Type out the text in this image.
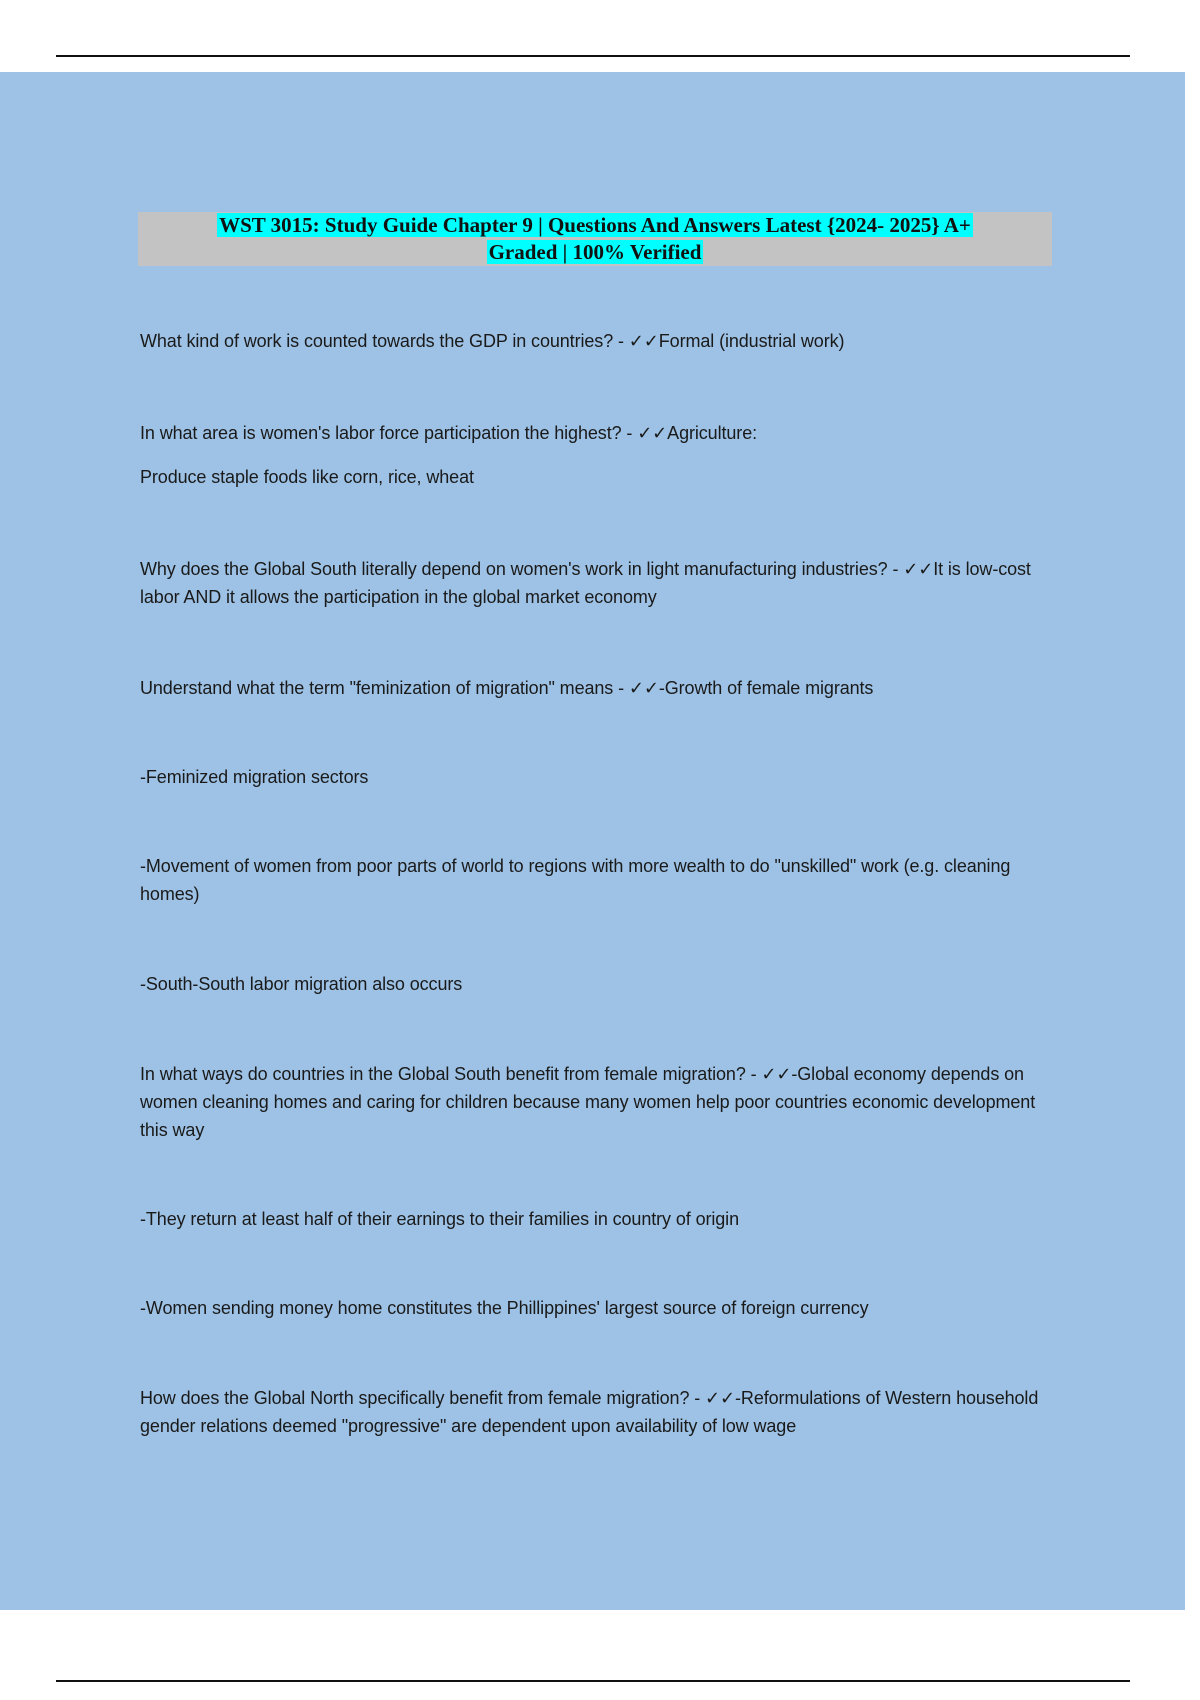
WST 3015: Study Guide Chapter 9 | Questions And Answers Latest {2024- 2025} A+
Graded | 100% Verified
What kind of work is counted towards the GDP in countries? - ✓✓Formal (industrial work)
In what area is women's labor force participation the highest? - ✓✓Agriculture:
Produce staple foods like corn, rice, wheat
Why does the Global South literally depend on women's work in light manufacturing industries? - ✓✓It is low-cost labor AND it allows the participation in the global market economy
Understand what the term "feminization of migration" means - ✓✓-Growth of female migrants
-Feminized migration sectors
-Movement of women from poor parts of world to regions with more wealth to do "unskilled" work (e.g. cleaning homes)
-South-South labor migration also occurs
In what ways do countries in the Global South benefit from female migration? - ✓✓-Global economy depends on women cleaning homes and caring for children because many women help poor countries economic development this way
-They return at least half of their earnings to their families in country of origin
-Women sending money home constitutes the Phillippines' largest source of foreign currency
How does the Global North specifically benefit from female migration? - ✓✓-Reformulations of Western household gender relations deemed "progressive" are dependent upon availability of low wage
